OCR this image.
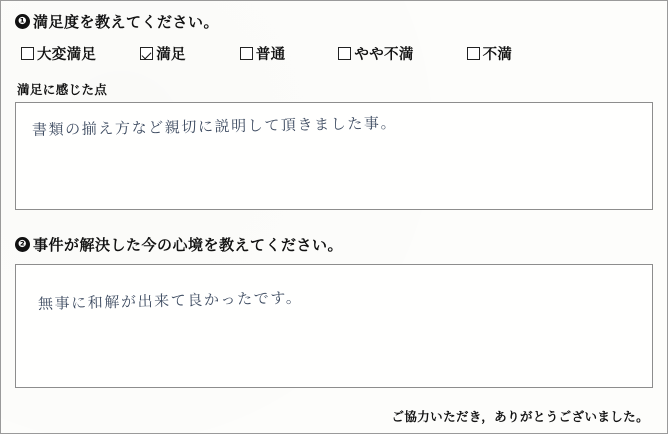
❶ 満足度を教えてください。
大変満足	満足	普通	やや不満	不満
満足に感じた点
書類の揃え方など親切に説明して頂きました事。
❷ 事件が解決した今の心境を教えてください。
無事に和解が出来て良かったです。
ご協力いただき，ありがとうございました。
